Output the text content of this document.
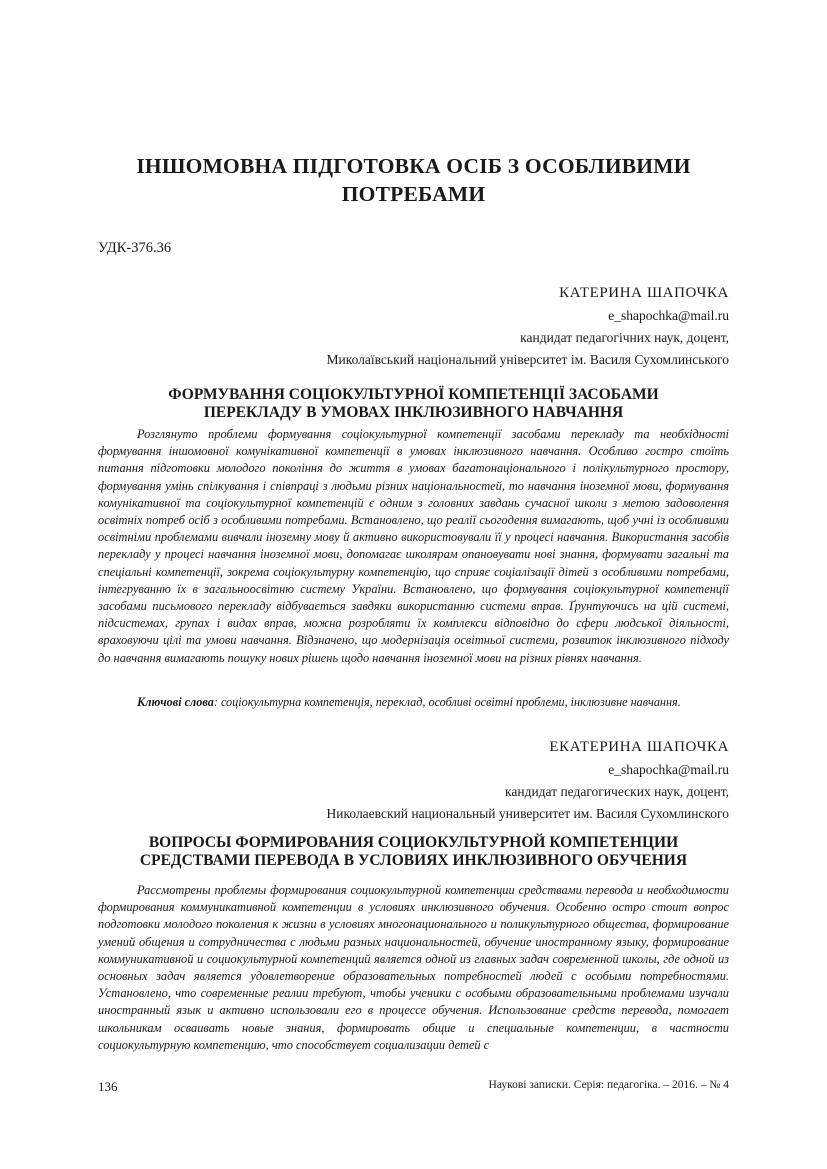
ІНШОМОВНА ПІДГОТОВКА ОСІБ З ОСОБЛИВИМИ
ПОТРЕБАМИ
УДК-376.36
КАТЕРИНА ШАПОЧКА
e_shapochka@mail.ru
кандидат педагогічних наук, доцент,
Миколаївський національний університет ім. Василя Сухомлинського
ФОРМУВАННЯ СОЦІОКУЛЬТУРНОЇ КОМПЕТЕНЦІЇ ЗАСОБАМИ
ПЕРЕКЛАДУ В УМОВАХ ІНКЛЮЗИВНОГО НАВЧАННЯ

Розглянуто проблеми формування соціокультурної компетенції засобами перекладу та необхідності формування іншомовної комунікативної компетенції в умовах інклюзивного навчання. Особливо гостро стоїть питання підготовки молодого покоління до життя в умовах багатонаціонального і полікультурного простору, формування умінь спілкування і співпраці з людьми різних національностей, то навчання іноземної мови, формування комунікативної та соціокультурної компетенцій є одним з головних завдань сучасної школи з метою задоволення освітніх потреб осіб з особливими потребами. Встановлено, що реалії сьогодення вимагають, щоб учні із особливими освітніми проблемами вивчали іноземну мову й активно використовували її у процесі навчання. Використання засобів перекладу у процесі навчання іноземної мови, допомагає школярам опановувати нові знання, формувати загальні та спеціальні компетенції, зокрема соціокультурну компетенцію, що сприяє соціалізації дітей з особливими потребами, інтегруванню їх в загальноосвітню систему України. Встановлено, що формування соціокультурної компетенції засобами письмового перекладу відбувається завдяки використанню системи вправ. Ґрунтуючись на цій системі, підсистемах, групах і видах вправ, можна розробляти їх комплекси відповідно до сфери людської діяльності, враховуючи цілі та умови навчання. Відзначено, що модернізація освітньої системи, розвиток інклюзивного підходу до навчання вимагають пошуку нових рішень щодо навчання іноземної мови на різних рівнях навчання.

Ключові слова: соціокультурна компетенція, переклад, особливі освітні проблеми, інклюзивне навчання.

ЕКАТЕРИНА ШАПОЧКА
e_shapochka@mail.ru
кандидат педагогических наук, доцент,
Николаевский национальный университет им. Василя Сухомлинского
ВОПРОСЫ ФОРМИРОВАНИЯ СОЦИОКУЛЬТУРНОЙ КОМПЕТЕНЦИИ
СРЕДСТВАМИ ПЕРЕВОДА В УСЛОВИЯХ ИНКЛЮЗИВНОГО ОБУЧЕНИЯ

Рассмотрены проблемы формирования социокультурной компетенции средствами перевода и необходимости формирования коммуникативной компетенции в условиях инклюзивного обучения. Особенно остро стоит вопрос подготовки молодого поколения к жизни в условиях многонационального и поликультурного общества, формирование умений общения и сотрудничества с людьми разных национальностей, обучение иностранному языку, формирование коммуникативной и социокультурной компетенций является одной из главных задач современной школы, где одной из основных задач является удовлетворение образовательных потребностей людей с особыми потребностями. Установлено, что современные реалии требуют, чтобы ученики с особыми образовательными проблемами изучали иностранный язык и активно использовали его в процессе обучения. Использование средств перевода, помогает школьникам осваивать новые знания, формировать общие и специальные компетенции, в частности социокультурную компетенцию, что способствует социализации детей с

136	Наукові записки. Серія: педагогіка. – 2016. – № 4
